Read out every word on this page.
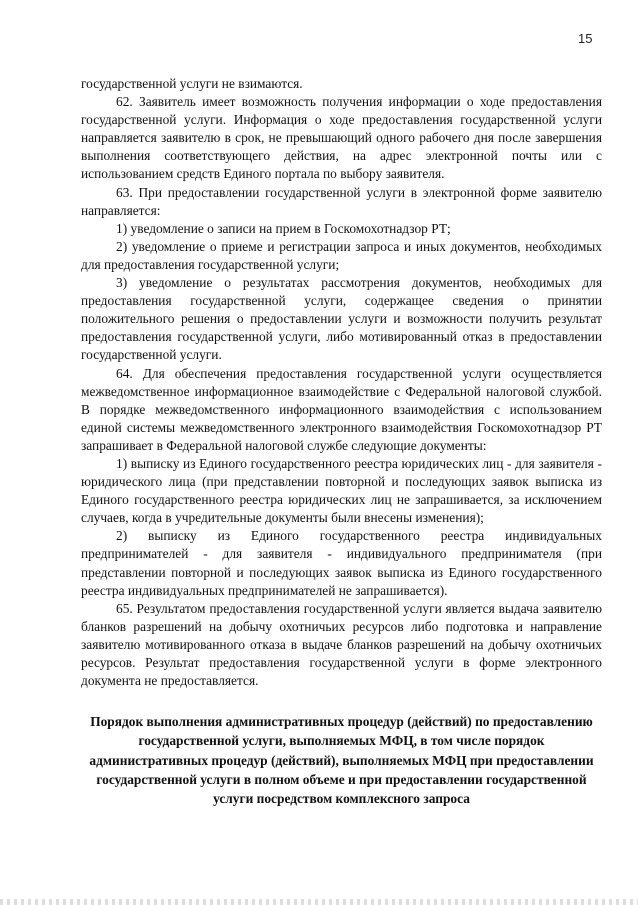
15

государственной услуги не взимаются.

62. Заявитель имеет возможность получения информации о ходе предоставления государственной услуги. Информация о ходе предоставления государственной услуги направляется заявителю в срок, не превышающий одного рабочего дня после завершения выполнения соответствующего действия, на адрес электронной почты или с использованием средств Единого портала по выбору заявителя.

63. При предоставлении государственной услуги в электронной форме заявителю направляется:

1) уведомление о записи на прием в Госкомохотнадзор РТ;

2) уведомление о приеме и регистрации запроса и иных документов, необходимых для предоставления государственной услуги;

3) уведомление о результатах рассмотрения документов, необходимых для предоставления государственной услуги, содержащее сведения о принятии положительного решения о предоставлении услуги и возможности получить результат предоставления государственной услуги, либо мотивированный отказ в предоставлении государственной услуги.

64. Для обеспечения предоставления государственной услуги осуществляется межведомственное информационное взаимодействие с Федеральной налоговой службой. В порядке межведомственного информационного взаимодействия с использованием единой системы межведомственного электронного взаимодействия Госкомохотнадзор РТ запрашивает в Федеральной налоговой службе следующие документы:

1) выписку из Единого государственного реестра юридических лиц - для заявителя - юридического лица (при представлении повторной и последующих заявок выписка из Единого государственного реестра юридических лиц не запрашивается, за исключением случаев, когда в учредительные документы были внесены изменения);

2) выписку из Единого государственного реестра индивидуальных предпринимателей - для заявителя - индивидуального предпринимателя (при представлении повторной и последующих заявок выписка из Единого государственного реестра индивидуальных предпринимателей не запрашивается).

65. Результатом предоставления государственной услуги является выдача заявителю бланков разрешений на добычу охотничьих ресурсов либо подготовка и направление заявителю мотивированного отказа в выдаче бланков разрешений на добычу охотничьих ресурсов. Результат предоставления государственной услуги в форме электронного документа не предоставляется.

Порядок выполнения административных процедур (действий) по предоставлению государственной услуги, выполняемых МФЦ, в том числе порядок административных процедур (действий), выполняемых МФЦ при предоставлении государственной услуги в полном объеме и при предоставлении государственной услуги посредством комплексного запроса
